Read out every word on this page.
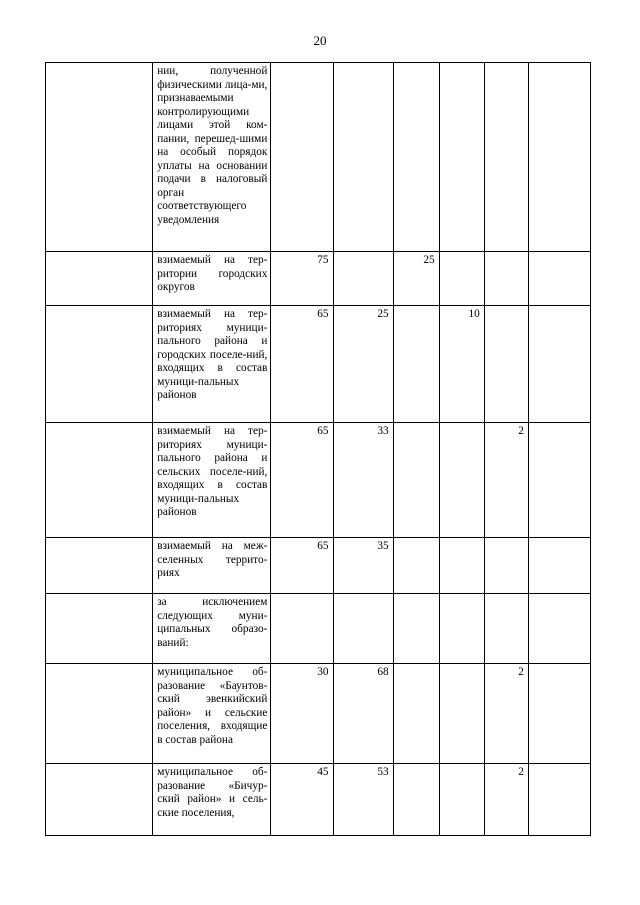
20
	нии, полученной физическими лица-ми, признаваемыми контролирующими лицами этой ком-пании, перешед-шими на особый порядок уплаты на основании подачи в налоговый орган соответствующего уведомления						
	взимаемый на тер-ритории городских округов	75		25			
	взимаемый на тер-риториях муници-пального района и городских поселе-ний, входящих в состав муници-пальных районов	65	25		10		
	взимаемый на тер-риториях муници-пального района и сельских поселе-ний, входящих в состав муници-пальных районов	65	33			2	
	взимаемый на меж-селенных террито-риях	65	35				
	за исключением следующих муни-ципальных образо-ваний:						
	муниципальное об-разование «Баунтов-ский эвенкийский район» и сельские поселения, входящие в состав района	30	68			2	
	муниципальное об-разование «Бичур-ский район» и сель-ские поселения,	45	53			2	
